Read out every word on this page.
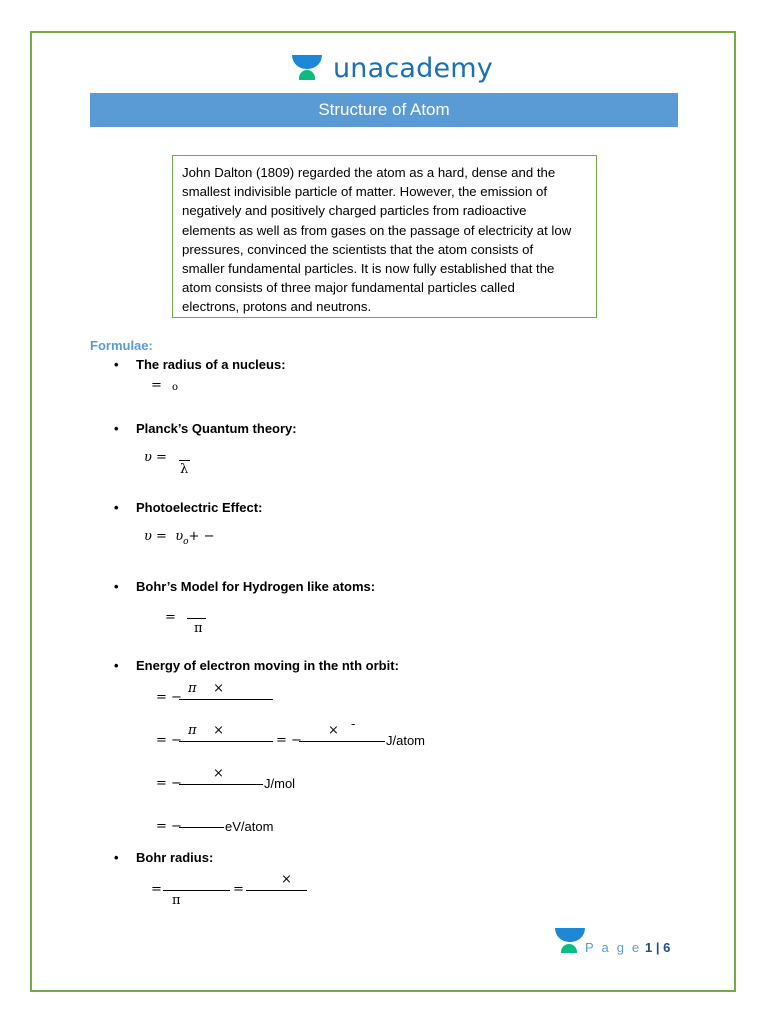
unacademy
Structure of Atom
John Dalton (1809) regarded the atom as a hard, dense and the
smallest indivisible particle of matter. However, the emission of
negatively and positively charged particles from radioactive
elements as well as from gases on the passage of electricity at low
pressures, convinced the scientists that the atom consists of
smaller fundamental particles. It is now fully established that the
atom consists of three major fundamental particles called
electrons, protons and neutrons.
Formulae:
• The radius of a nucleus:
= o
• Planck’s Quantum theory:
υ =
λ
• Photoelectric Effect:
$\upsilon = \upsilon_o+$ −
• Bohr’s Model for Hydrogen like atoms:
=
π
• Energy of electron moving in the nth orbit:
π ×
= −
π ×
= −	= −
× -
J/atom
×
= −	J/mol
= −	eV/atom
• Bohr radius:
=
π
=
×
P a g e 1 | 6
